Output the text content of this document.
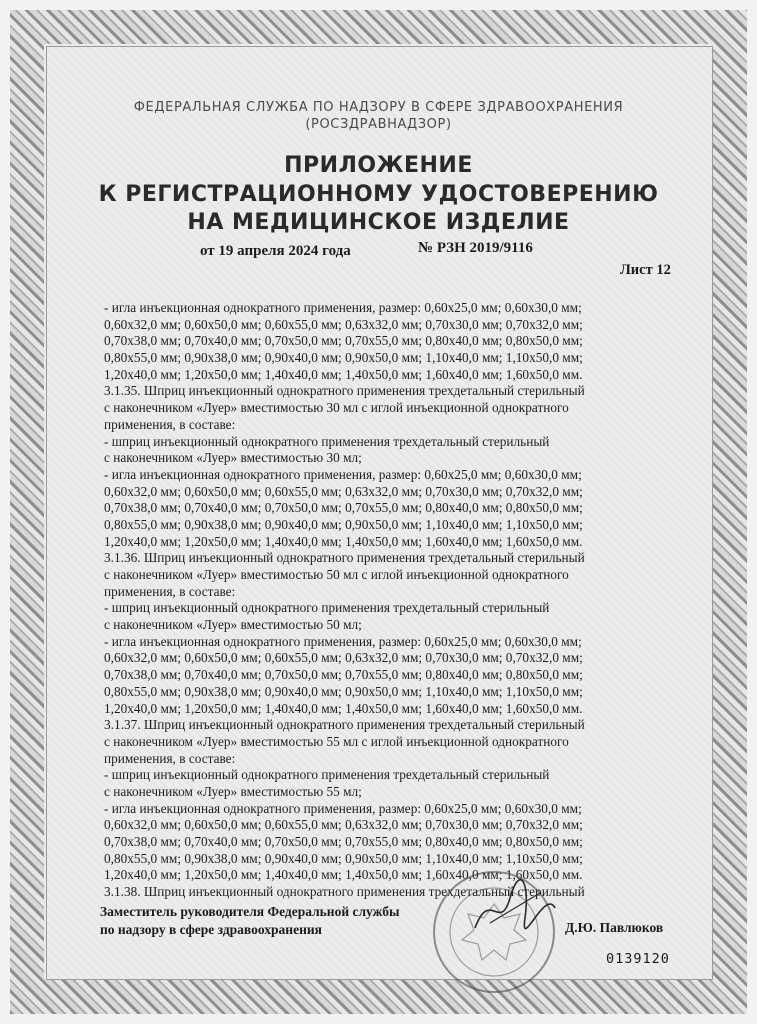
ФЕДЕРАЛЬНАЯ СЛУЖБА ПО НАДЗОРУ В СФЕРЕ ЗДРАВООХРАНЕНИЯ
(РОСЗДРАВНАДЗОР)
ПРИЛОЖЕНИЕ
К РЕГИСТРАЦИОННОМУ УДОСТОВЕРЕНИЮ
НА МЕДИЦИНСКОЕ ИЗДЕЛИЕ
от 19 апреля 2024 года	№ РЗН 2019/9116
Лист 12
- игла инъекционная однократного применения, размер: 0,60x25,0 мм; 0,60x30,0 мм;
0,60x32,0 мм; 0,60x50,0 мм; 0,60x55,0 мм; 0,63x32,0 мм; 0,70x30,0 мм; 0,70x32,0 мм;
0,70x38,0 мм; 0,70x40,0 мм; 0,70x50,0 мм; 0,70x55,0 мм; 0,80x40,0 мм; 0,80x50,0 мм;
0,80x55,0 мм; 0,90x38,0 мм; 0,90x40,0 мм; 0,90x50,0 мм; 1,10x40,0 мм; 1,10x50,0 мм;
1,20x40,0 мм; 1,20x50,0 мм; 1,40x40,0 мм; 1,40x50,0 мм; 1,60x40,0 мм; 1,60x50,0 мм.
3.1.35. Шприц инъекционный однократного применения трехдетальный стерильный
с наконечником «Луер» вместимостью 30 мл с иглой инъекционной однократного
применения, в составе:
- шприц инъекционный однократного применения трехдетальный стерильный
с наконечником «Луер» вместимостью 30 мл;
- игла инъекционная однократного применения, размер: 0,60x25,0 мм; 0,60x30,0 мм;
0,60x32,0 мм; 0,60x50,0 мм; 0,60x55,0 мм; 0,63x32,0 мм; 0,70x30,0 мм; 0,70x32,0 мм;
0,70x38,0 мм; 0,70x40,0 мм; 0,70x50,0 мм; 0,70x55,0 мм; 0,80x40,0 мм; 0,80x50,0 мм;
0,80x55,0 мм; 0,90x38,0 мм; 0,90x40,0 мм; 0,90x50,0 мм; 1,10x40,0 мм; 1,10x50,0 мм;
1,20x40,0 мм; 1,20x50,0 мм; 1,40x40,0 мм; 1,40x50,0 мм; 1,60x40,0 мм; 1,60x50,0 мм.
3.1.36. Шприц инъекционный однократного применения трехдетальный стерильный
с наконечником «Луер» вместимостью 50 мл с иглой инъекционной однократного
применения, в составе:
- шприц инъекционный однократного применения трехдетальный стерильный
с наконечником «Луер» вместимостью 50 мл;
- игла инъекционная однократного применения, размер: 0,60x25,0 мм; 0,60x30,0 мм;
0,60x32,0 мм; 0,60x50,0 мм; 0,60x55,0 мм; 0,63x32,0 мм; 0,70x30,0 мм; 0,70x32,0 мм;
0,70x38,0 мм; 0,70x40,0 мм; 0,70x50,0 мм; 0,70x55,0 мм; 0,80x40,0 мм; 0,80x50,0 мм;
0,80x55,0 мм; 0,90x38,0 мм; 0,90x40,0 мм; 0,90x50,0 мм; 1,10x40,0 мм; 1,10x50,0 мм;
1,20x40,0 мм; 1,20x50,0 мм; 1,40x40,0 мм; 1,40x50,0 мм; 1,60x40,0 мм; 1,60x50,0 мм.
3.1.37. Шприц инъекционный однократного применения трехдетальный стерильный
с наконечником «Луер» вместимостью 55 мл с иглой инъекционной однократного
применения, в составе:
- шприц инъекционный однократного применения трехдетальный стерильный
с наконечником «Луер» вместимостью 55 мл;
- игла инъекционная однократного применения, размер: 0,60x25,0 мм; 0,60x30,0 мм;
0,60x32,0 мм; 0,60x50,0 мм; 0,60x55,0 мм; 0,63x32,0 мм; 0,70x30,0 мм; 0,70x32,0 мм;
0,70x38,0 мм; 0,70x40,0 мм; 0,70x50,0 мм; 0,70x55,0 мм; 0,80x40,0 мм; 0,80x50,0 мм;
0,80x55,0 мм; 0,90x38,0 мм; 0,90x40,0 мм; 0,90x50,0 мм; 1,10x40,0 мм; 1,10x50,0 мм;
1,20x40,0 мм; 1,20x50,0 мм; 1,40x40,0 мм; 1,40x50,0 мм; 1,60x40,0 мм; 1,60x50,0 мм.
3.1.38. Шприц инъекционный однократного применения трехдетальный стерильный
Заместитель руководителя Федеральной службы
по надзору в сфере здравоохранения	Д.Ю. Павлюков
0139120
